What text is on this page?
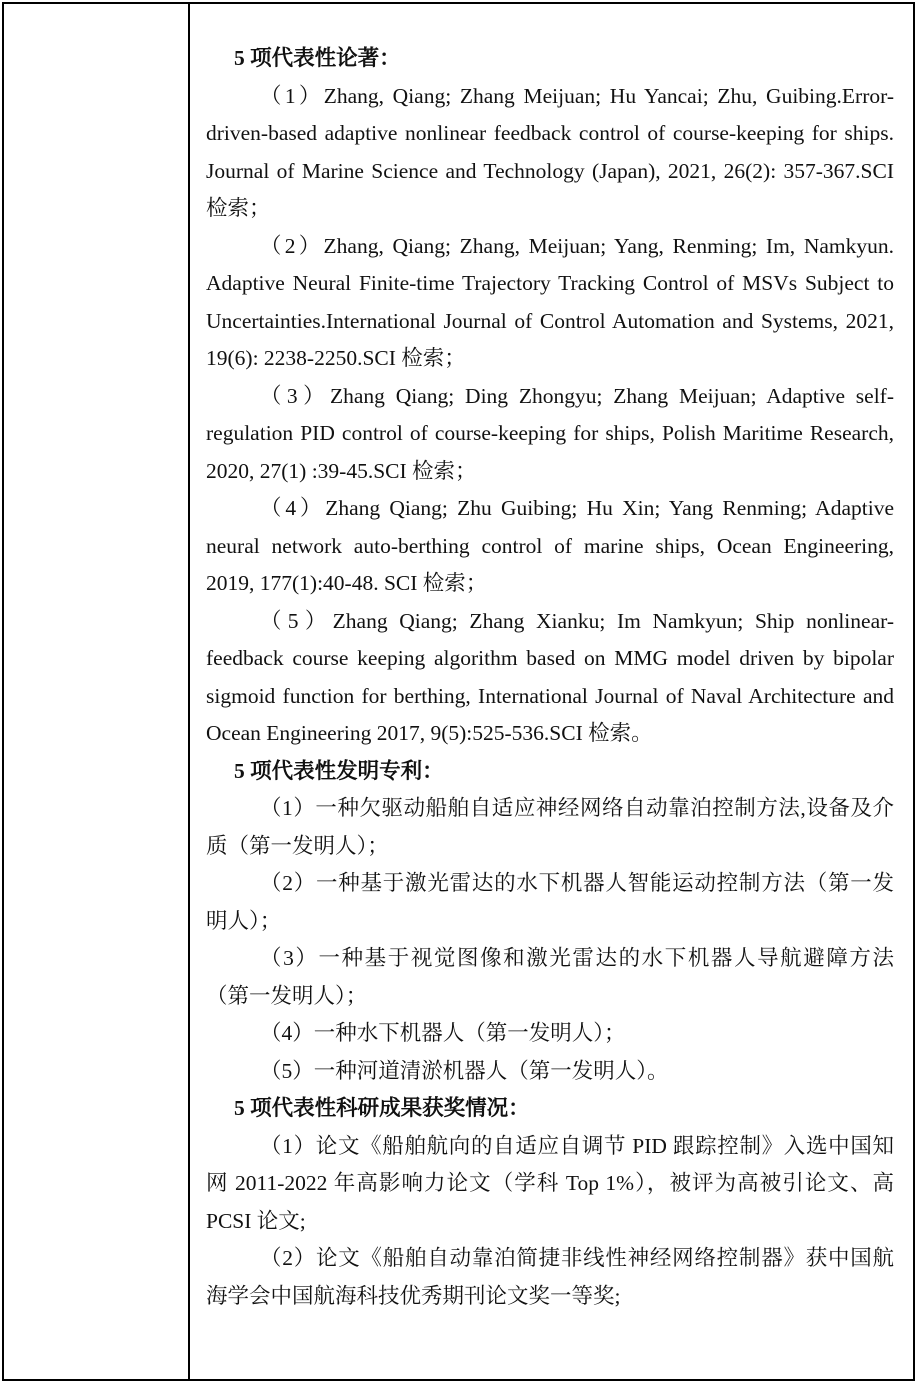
5 项代表性论著：

（1）Zhang, Qiang; Zhang Meijuan; Hu Yancai; Zhu, Guibing.Error-driven-based adaptive nonlinear feedback control of course-keeping for ships. Journal of Marine Science and Technology (Japan), 2021, 26(2): 357-367.SCI 检索；

（2）Zhang, Qiang; Zhang, Meijuan; Yang, Renming; Im, Namkyun. Adaptive Neural Finite-time Trajectory Tracking Control of MSVs Subject to Uncertainties.International Journal of Control Automation and Systems, 2021, 19(6): 2238-2250.SCI 检索；

（3）Zhang Qiang; Ding Zhongyu; Zhang Meijuan; Adaptive self-regulation PID control of course-keeping for ships, Polish Maritime Research, 2020, 27(1) :39-45.SCI 检索；

（4）Zhang Qiang; Zhu Guibing; Hu Xin; Yang Renming; Adaptive neural network auto-berthing control of marine ships, Ocean Engineering, 2019, 177(1):40-48. SCI 检索；

（5）Zhang Qiang; Zhang Xianku; Im Namkyun; Ship nonlinear-feedback course keeping algorithm based on MMG model driven by bipolar sigmoid function for berthing, International Journal of Naval Architecture and Ocean Engineering 2017, 9(5):525-536.SCI 检索。

5 项代表性发明专利：

（1）一种欠驱动船舶自适应神经网络自动靠泊控制方法,设备及介质（第一发明人）；

（2）一种基于激光雷达的水下机器人智能运动控制方法（第一发明人）；

（3）一种基于视觉图像和激光雷达的水下机器人导航避障方法（第一发明人）；

（4）一种水下机器人（第一发明人）；

（5）一种河道清淤机器人（第一发明人）。

5 项代表性科研成果获奖情况：

（1）论文《船舶航向的自适应自调节 PID 跟踪控制》入选中国知网 2011-2022 年高影响力论文（学科 Top 1%），被评为高被引论文、高 PCSI 论文;

（2）论文《船舶自动靠泊简捷非线性神经网络控制器》获中国航海学会中国航海科技优秀期刊论文奖一等奖;
